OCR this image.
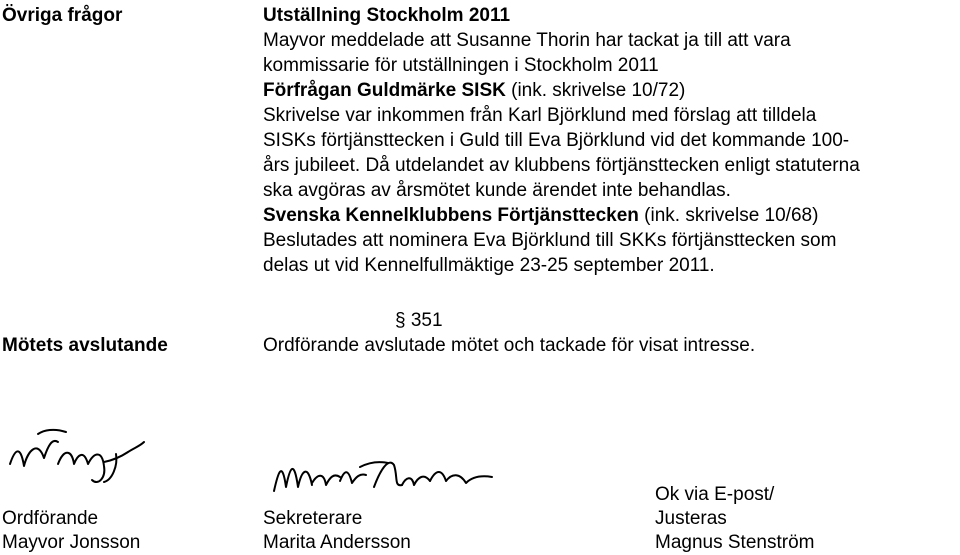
Övriga frågor	Utställning Stockholm 2011
Mayvor meddelade att Susanne Thorin har tackat ja till att vara
kommissarie för utställningen i Stockholm 2011
Förfrågan Guldmärke SISK (ink. skrivelse 10/72)
Skrivelse var inkommen från Karl Björklund med förslag att tilldela
SISKs förtjänsttecken i Guld till Eva Björklund vid det kommande 100-
års jubileet. Då utdelandet av klubbens förtjänsttecken enligt statuterna
ska avgöras av årsmötet kunde ärendet inte behandlas.
Svenska Kennelklubbens Förtjänsttecken (ink. skrivelse 10/68)
Beslutades att nominera Eva Björklund till SKKs förtjänsttecken som
delas ut vid Kennelfullmäktige 23-25 september 2011.
§ 351
Mötets avslutande	Ordförande avslutade mötet och tackade för visat intresse.
Ok via E-post/
Ordförande
Mayvor Jonsson
Sekreterare
Marita Andersson
Justeras
Magnus Stenström
